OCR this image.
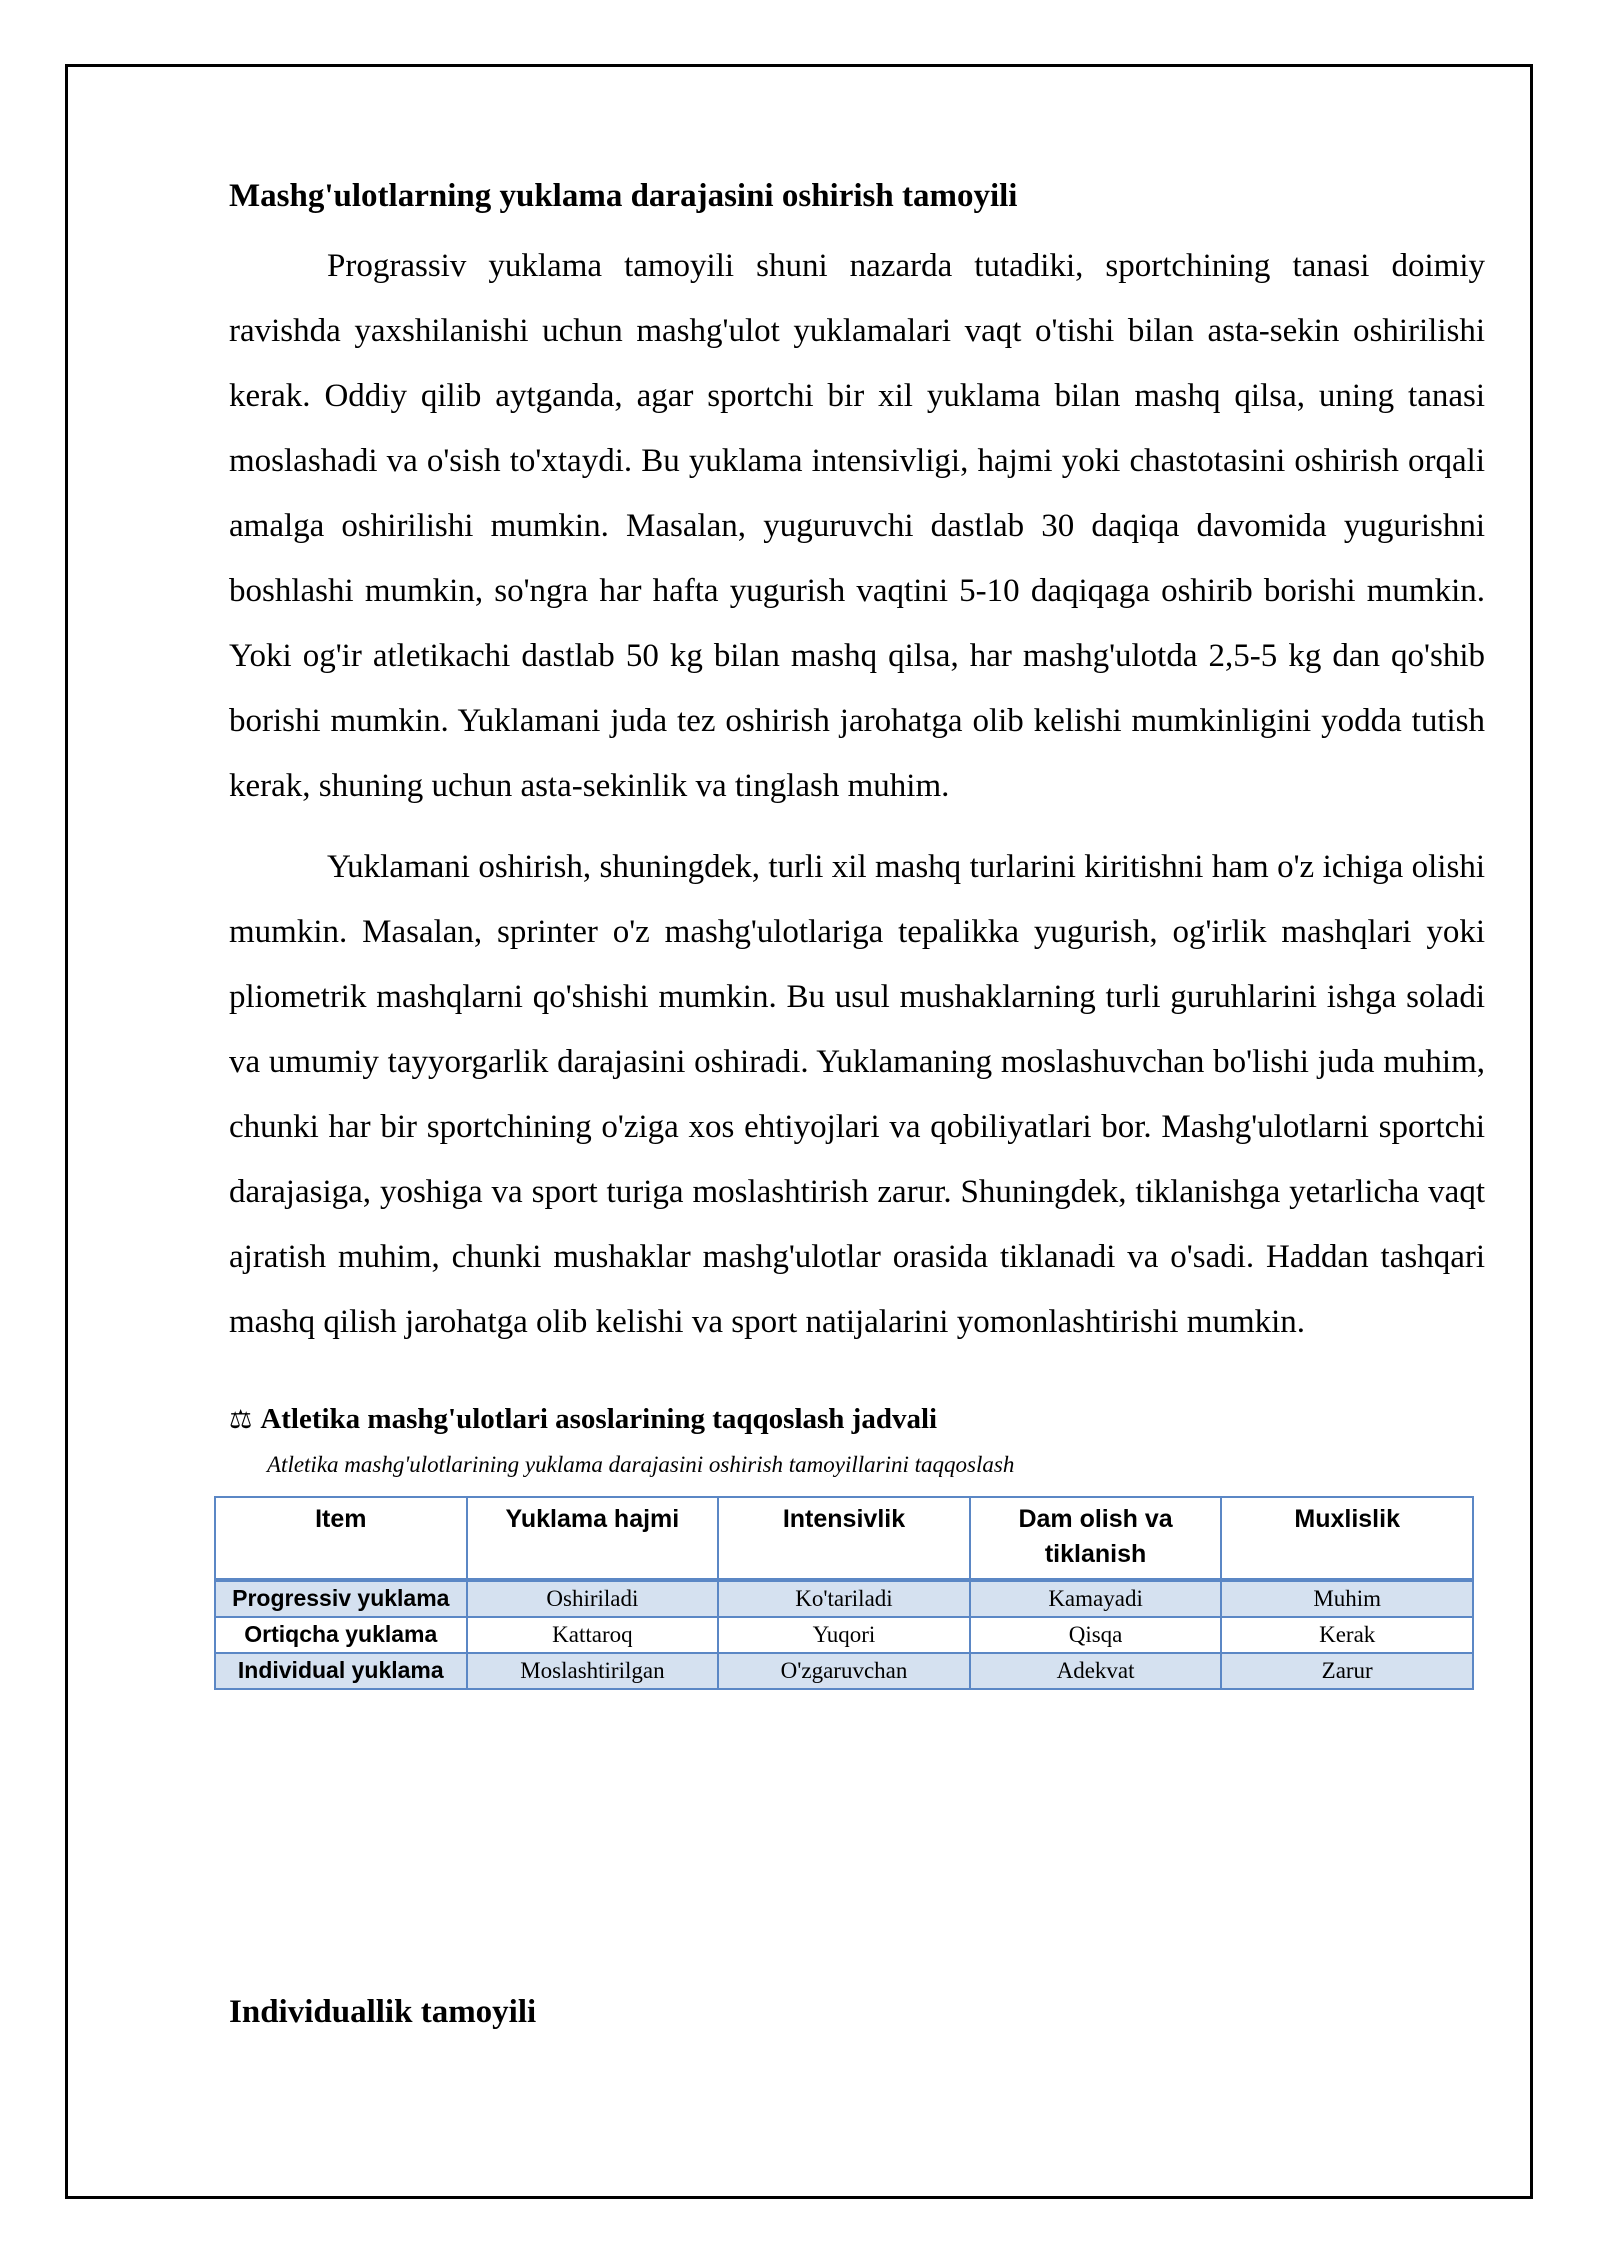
Mashg'ulotlarning yuklama darajasini oshirish tamoyili

Prograssiv yuklama tamoyili shuni nazarda tutadiki, sportchining tanasi doimiy ravishda yaxshilanishi uchun mashg'ulot yuklamalari vaqt o'tishi bilan asta-sekin oshirilishi kerak. Oddiy qilib aytganda, agar sportchi bir xil yuklama bilan mashq qilsa, uning tanasi moslashadi va o'sish to'xtaydi. Bu yuklama intensivligi, hajmi yoki chastotasini oshirish orqali amalga oshirilishi mumkin. Masalan, yuguruvchi dastlab 30 daqiqa davomida yugurishni boshlashi mumkin, so'ngra har hafta yugurish vaqtini 5-10 daqiqaga oshirib borishi mumkin. Yoki og'ir atletikachi dastlab 50 kg bilan mashq qilsa, har mashg'ulotda 2,5-5 kg dan qo'shib borishi mumkin. Yuklamani juda tez oshirish jarohatga olib kelishi mumkinligini yodda tutish kerak, shuning uchun asta-sekinlik va tinglash muhim.

Yuklamani oshirish, shuningdek, turli xil mashq turlarini kiritishni ham o'z ichiga olishi mumkin. Masalan, sprinter o'z mashg'ulotlariga tepalikka yugurish, og'irlik mashqlari yoki pliometrik mashqlarni qo'shishi mumkin. Bu usul mushaklarning turli guruhlarini ishga soladi va umumiy tayyorgarlik darajasini oshiradi. Yuklamaning moslashuvchan bo'lishi juda muhim, chunki har bir sportchining o'ziga xos ehtiyojlari va qobiliyatlari bor. Mashg'ulotlarni sportchi darajasiga, yoshiga va sport turiga moslashtirish zarur. Shuningdek, tiklanishga yetarlicha vaqt ajratish muhim, chunki mushaklar mashg'ulotlar orasida tiklanadi va o'sadi. Haddan tashqari mashq qilish jarohatga olib kelishi va sport natijalarini yomonlashtirishi mumkin.

⚖ Atletika mashg'ulotlari asoslarining taqqoslash jadvali
Atletika mashg'ulotlarining yuklama darajasini oshirish tamoyillarini taqqoslash
Item	Yuklama hajmi	Intensivlik	Dam olish va tiklanish	Muxlislik
Progressiv yuklama	Oshiriladi	Ko'tariladi	Kamayadi	Muhim
Ortiqcha yuklama	Kattaroq	Yuqori	Qisqa	Kerak
Individual yuklama	Moslashtirilgan	O'zgaruvchan	Adekvat	Zarur
Individuallik tamoyili
